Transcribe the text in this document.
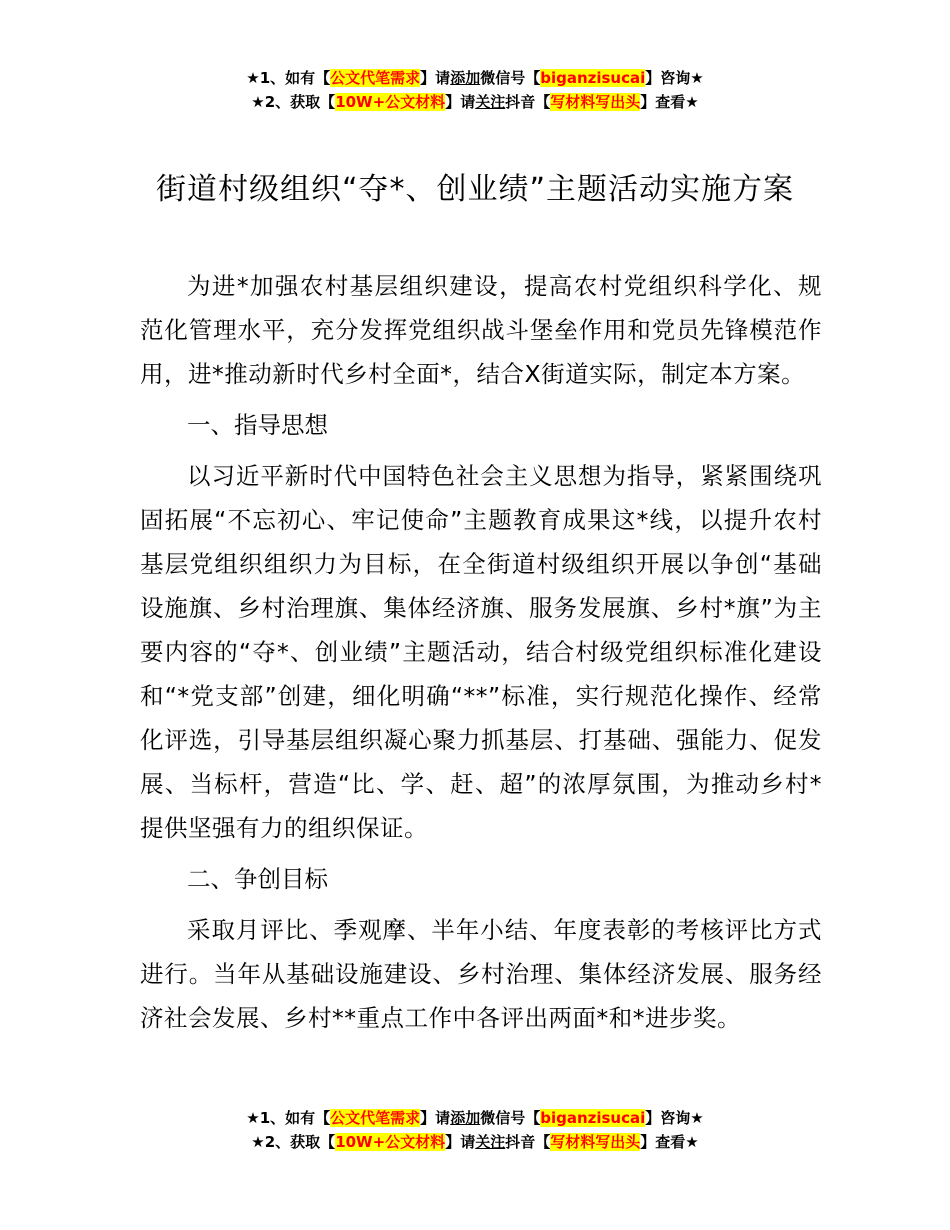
★1、如有【公文代笔需求】请添加微信号【biganzisucai】咨询★
★2、获取【10W+公文材料】请关注抖音【写材料写出头】查看★
街道村级组织“夺*、创业绩”主题活动实施方案

为进*加强农村基层组织建设，提高农村党组织科学化、规范化管理水平，充分发挥党组织战斗堡垒作用和党员先锋模范作用，进*推动新时代乡村全面*，结合X街道实际，制定本方案。

一、指导思想

以习近平新时代中国特色社会主义思想为指导，紧紧围绕巩固拓展“不忘初心、牢记使命”主题教育成果这*线，以提升农村基层党组织组织力为目标，在全街道村级组织开展以争创“基础设施旗、乡村治理旗、集体经济旗、服务发展旗、乡村*旗”为主要内容的“夺*、创业绩”主题活动，结合村级党组织标准化建设和“*党支部”创建，细化明确“**”标准，实行规范化操作、经常化评选，引导基层组织凝心聚力抓基层、打基础、强能力、促发展、当标杆，营造“比、学、赶、超”的浓厚氛围，为推动乡村*提供坚强有力的组织保证。

二、争创目标

采取月评比、季观摩、半年小结、年度表彰的考核评比方式进行。当年从基础设施建设、乡村治理、集体经济发展、服务经济社会发展、乡村**重点工作中各评出两面*和*进步奖。

★1、如有【公文代笔需求】请添加微信号【biganzisucai】咨询★
★2、获取【10W+公文材料】请关注抖音【写材料写出头】查看★
